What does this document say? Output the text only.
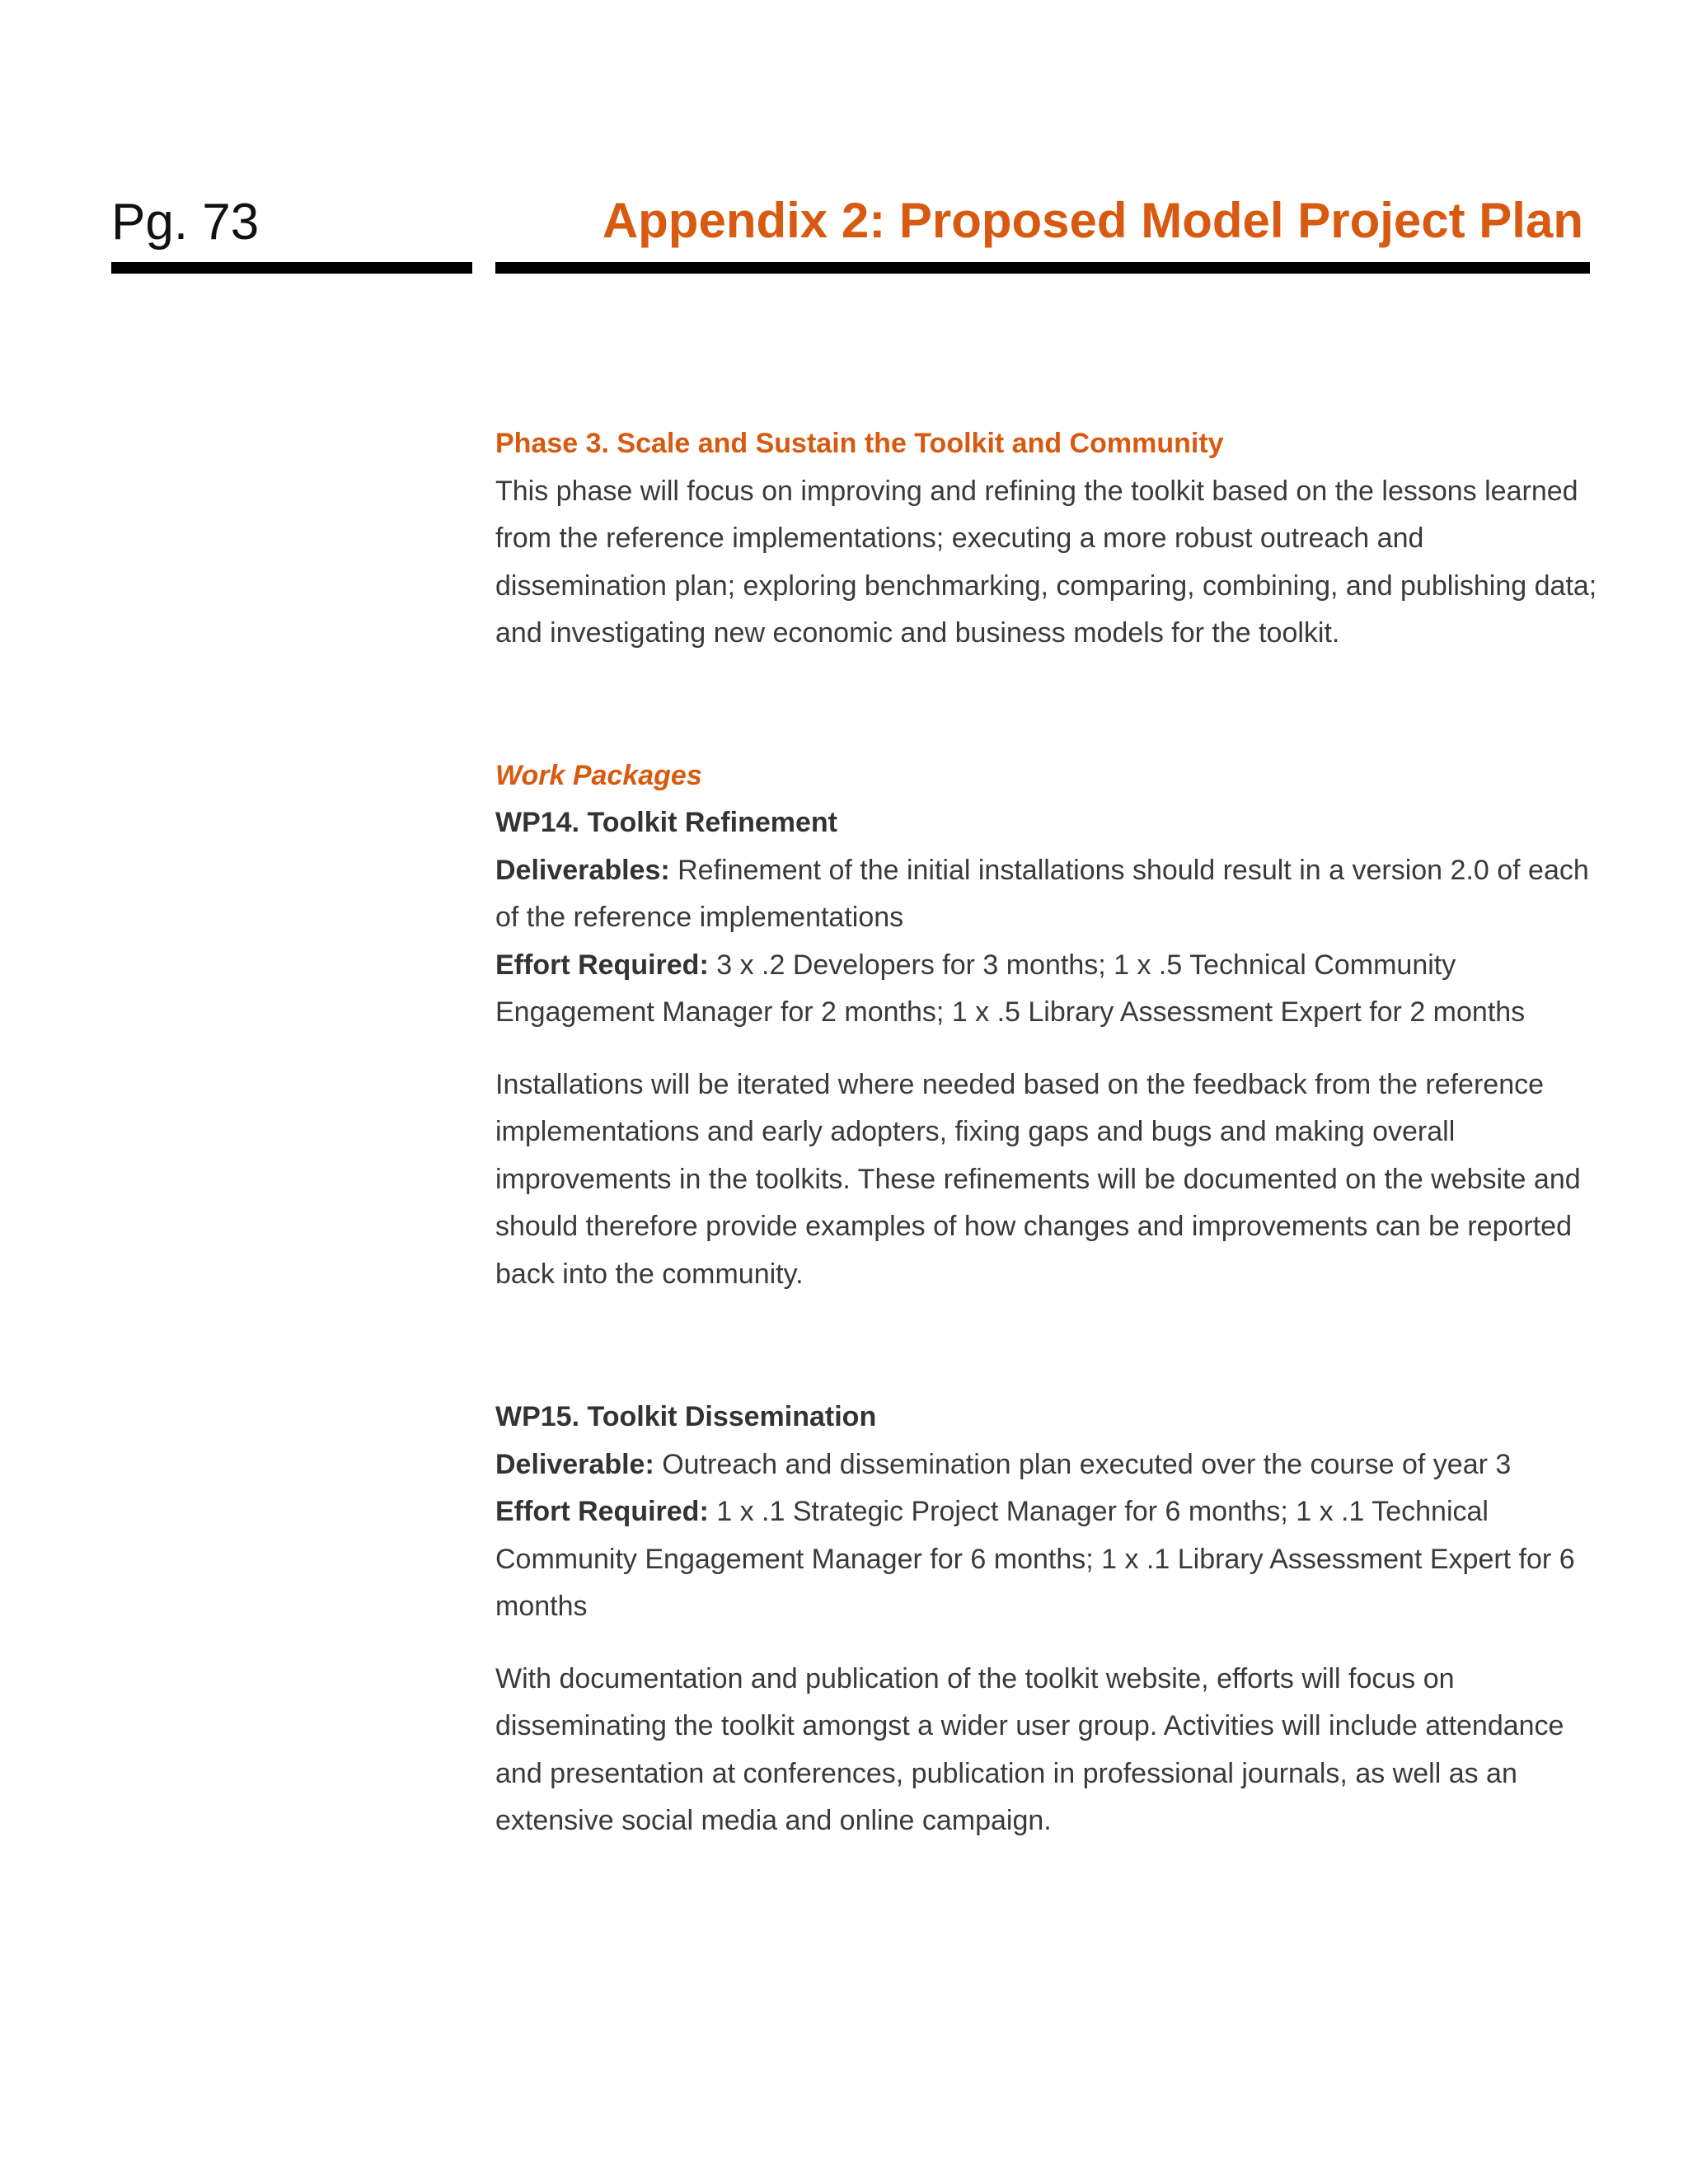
Pg. 73	Appendix 2: Proposed Model Project Plan

Phase 3. Scale and Sustain the Toolkit and Community

This phase will focus on improving and refining the toolkit based on the lessons learned from the reference implementations; executing a more robust outreach and dissemination plan; exploring benchmarking, comparing, combining, and publishing data; and investigating new economic and business models for the toolkit.

Work Packages

WP14. Toolkit Refinement

Deliverables: Refinement of the initial installations should result in a version 2.0 of each of the reference implementations

Effort Required: 3 x .2 Developers for 3 months; 1 x .5 Technical Community Engagement Manager for 2 months; 1 x .5 Library Assessment Expert for 2 months

Installations will be iterated where needed based on the feedback from the reference implementations and early adopters, fixing gaps and bugs and making overall improvements in the toolkits. These refinements will be documented on the website and should therefore provide examples of how changes and improvements can be reported back into the community.

WP15. Toolkit Dissemination

Deliverable: Outreach and dissemination plan executed over the course of year 3

Effort Required: 1 x .1 Strategic Project Manager for 6 months; 1 x .1 Technical Community Engagement Manager for 6 months; 1 x .1 Library Assessment Expert for 6 months

With documentation and publication of the toolkit website, efforts will focus on disseminating the toolkit amongst a wider user group. Activities will include attendance and presentation at conferences, publication in professional journals, as well as an extensive social media and online campaign.
